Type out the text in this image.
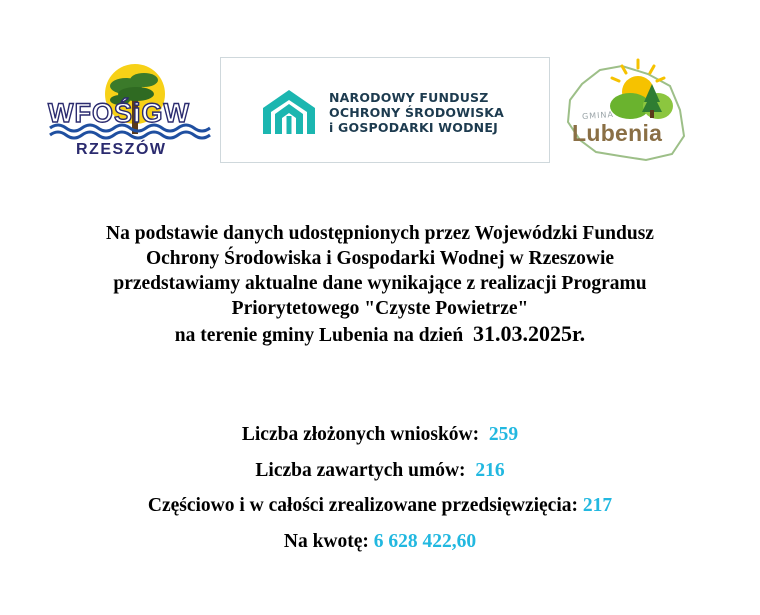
WFOŚiGW
RZESZÓW
NARODOWY FUNDUSZ
OCHRONY ŚRODOWISKA
i GOSPODARKI WODNEJ
GMINA
Lubenia
Na podstawie danych udostępnionych przez Wojewódzki Fundusz
Ochrony Środowiska i Gospodarki Wodnej w Rzeszowie
przedstawiamy aktualne dane wynikające z realizacji Programu
Priorytetowego "Czyste Powietrze"
na terenie gminy Lubenia na dzień 31.03.2025r.
Liczba złożonych wniosków: 259
Liczba zawartych umów: 216
Częściowo i w całości zrealizowane przedsięwzięcia: 217
Na kwotę: 6 628 422,60
